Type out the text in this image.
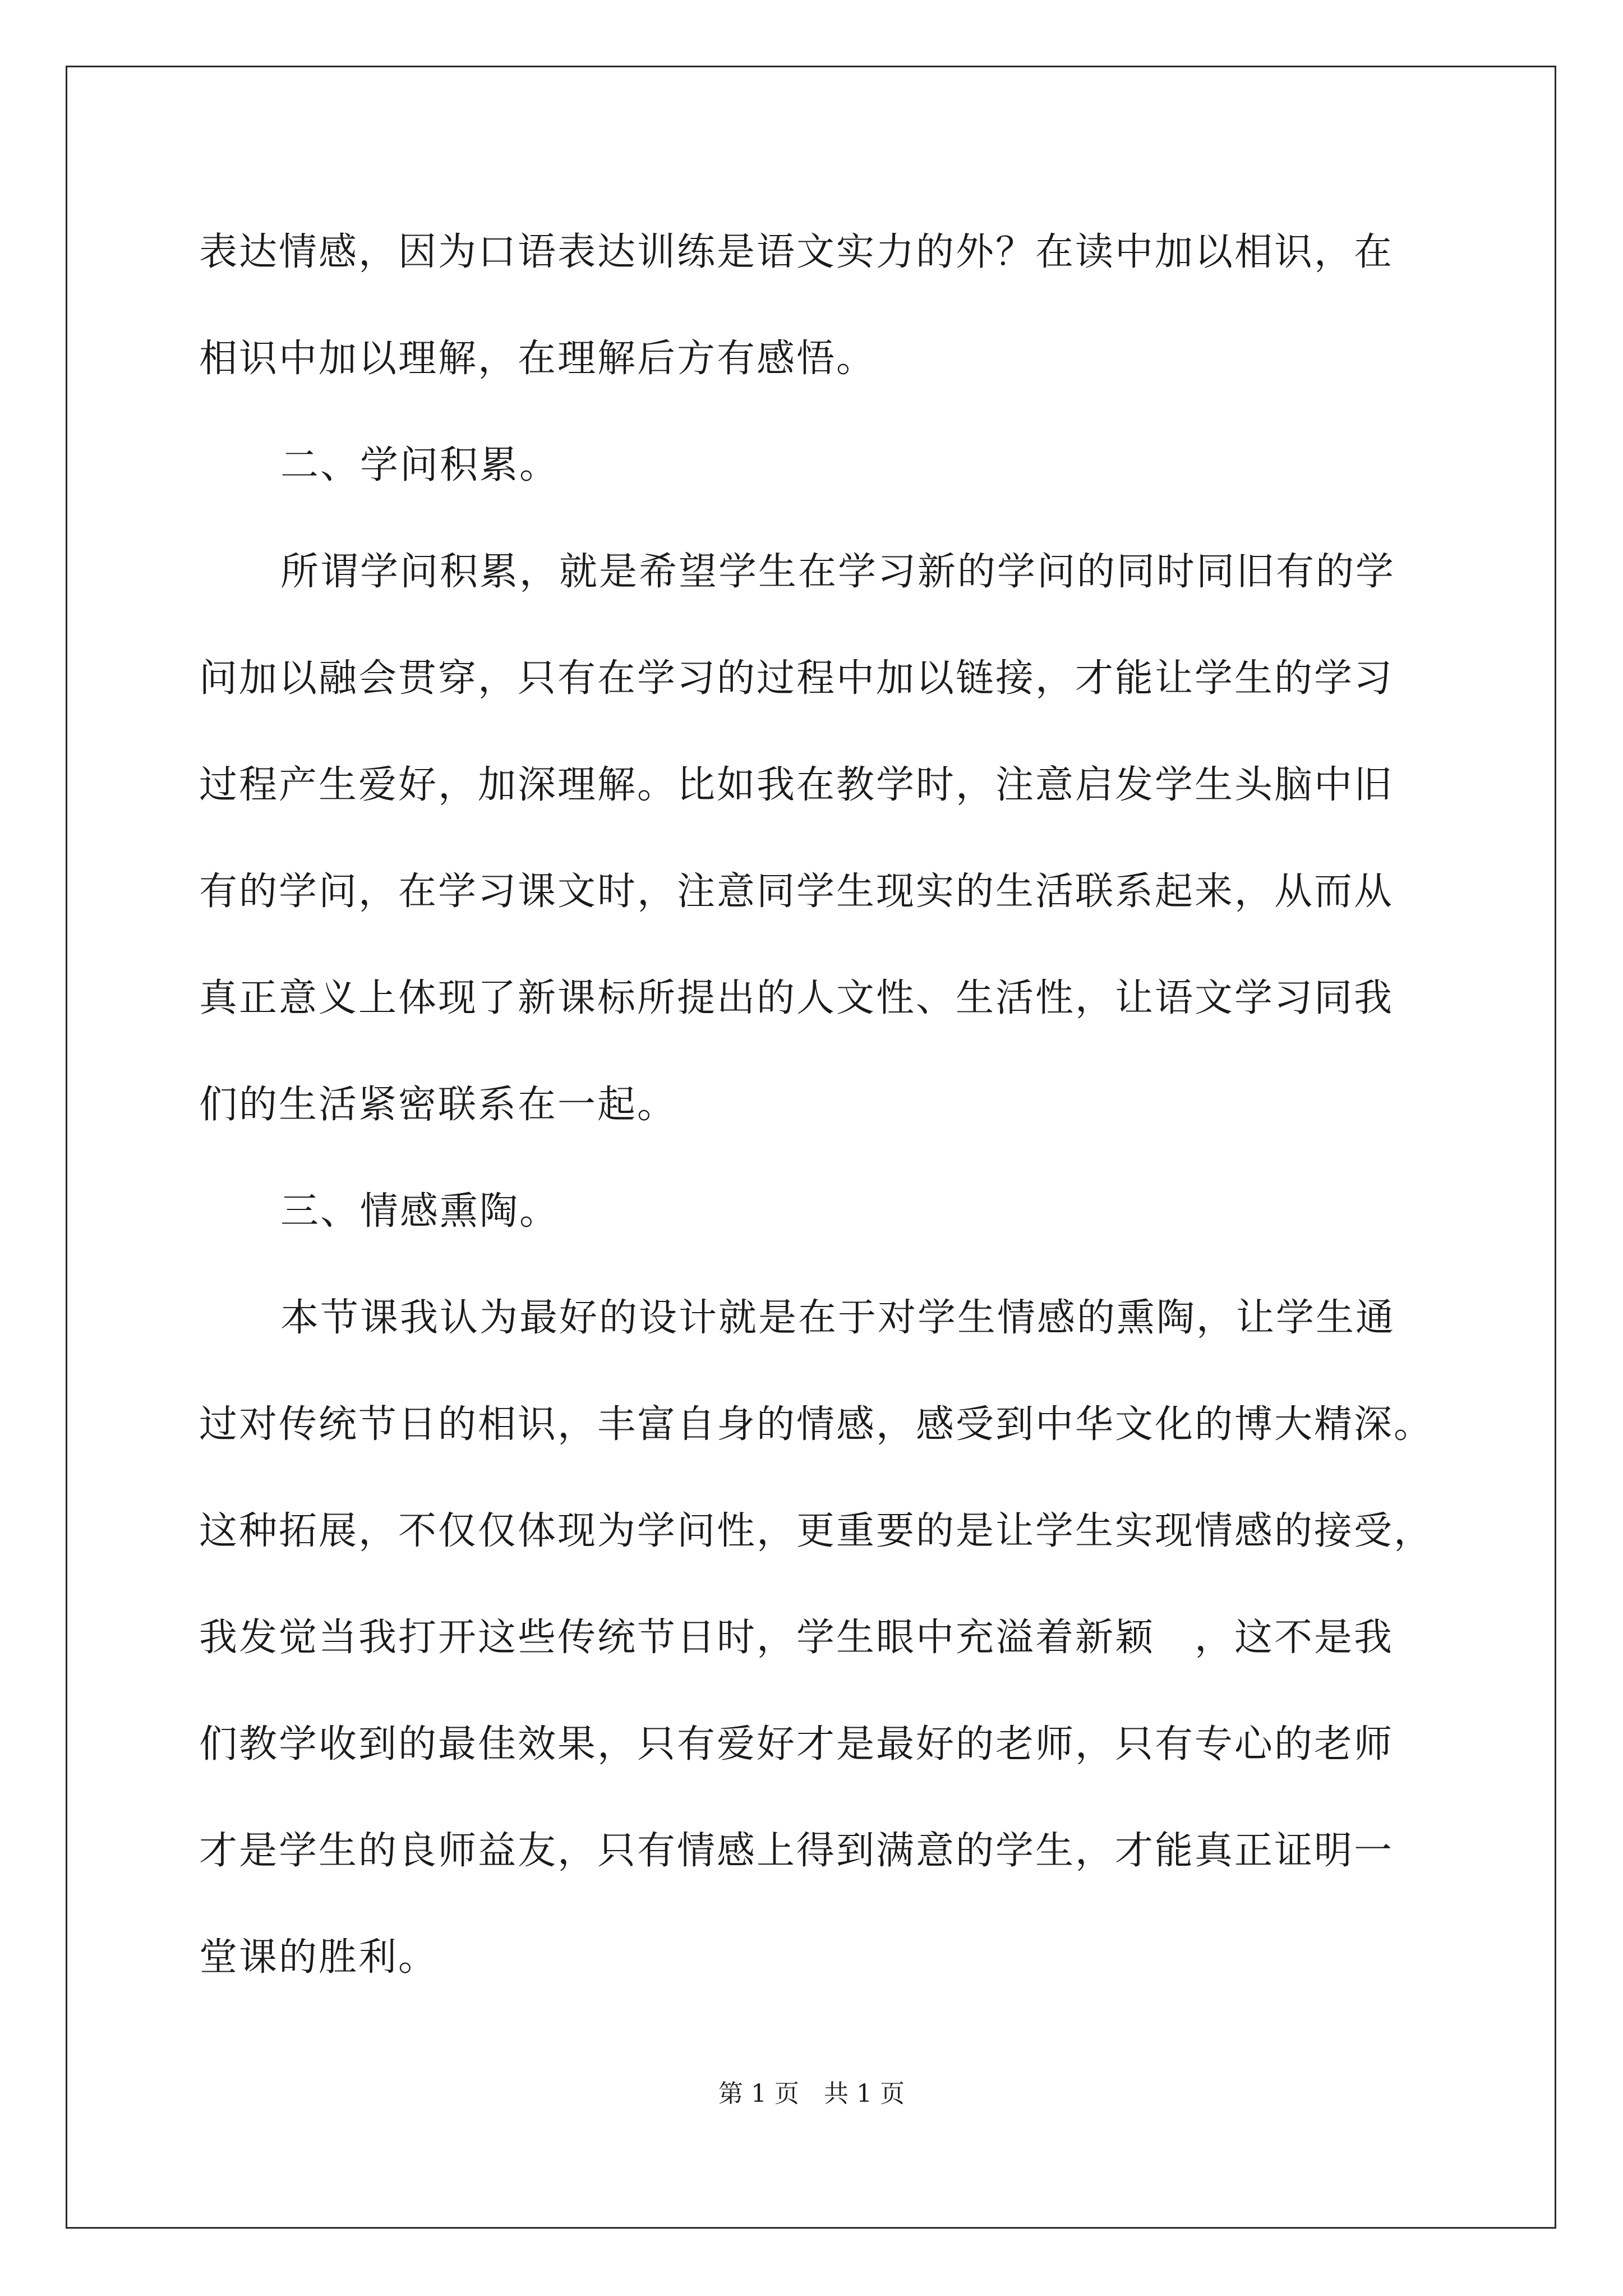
表达情感，因为口语表达训练是语文实力的外？在读中加以相识，在
相识中加以理解，在理解后方有感悟。
二、学问积累。
所谓学问积累，就是希望学生在学习新的学问的同时同旧有的学
问加以融会贯穿，只有在学习的过程中加以链接，才能让学生的学习
过程产生爱好，加深理解。比如我在教学时，注意启发学生头脑中旧
有的学问，在学习课文时，注意同学生现实的生活联系起来，从而从
真正意义上体现了新课标所提出的人文性、生活性，让语文学习同我
们的生活紧密联系在一起。
三、情感熏陶。
本节课我认为最好的设计就是在于对学生情感的熏陶，让学生通
过对传统节日的相识，丰富自身的情感，感受到中华文化的博大精深。
这种拓展，不仅仅体现为学问性，更重要的是让学生实现情感的接受，
我发觉当我打开这些传统节日时，学生眼中充溢着新颖　，这不是我
们教学收到的最佳效果，只有爱好才是最好的老师，只有专心的老师
才是学生的良师益友，只有情感上得到满意的学生，才能真正证明一
堂课的胜利。
第 1 页　共 1 页
